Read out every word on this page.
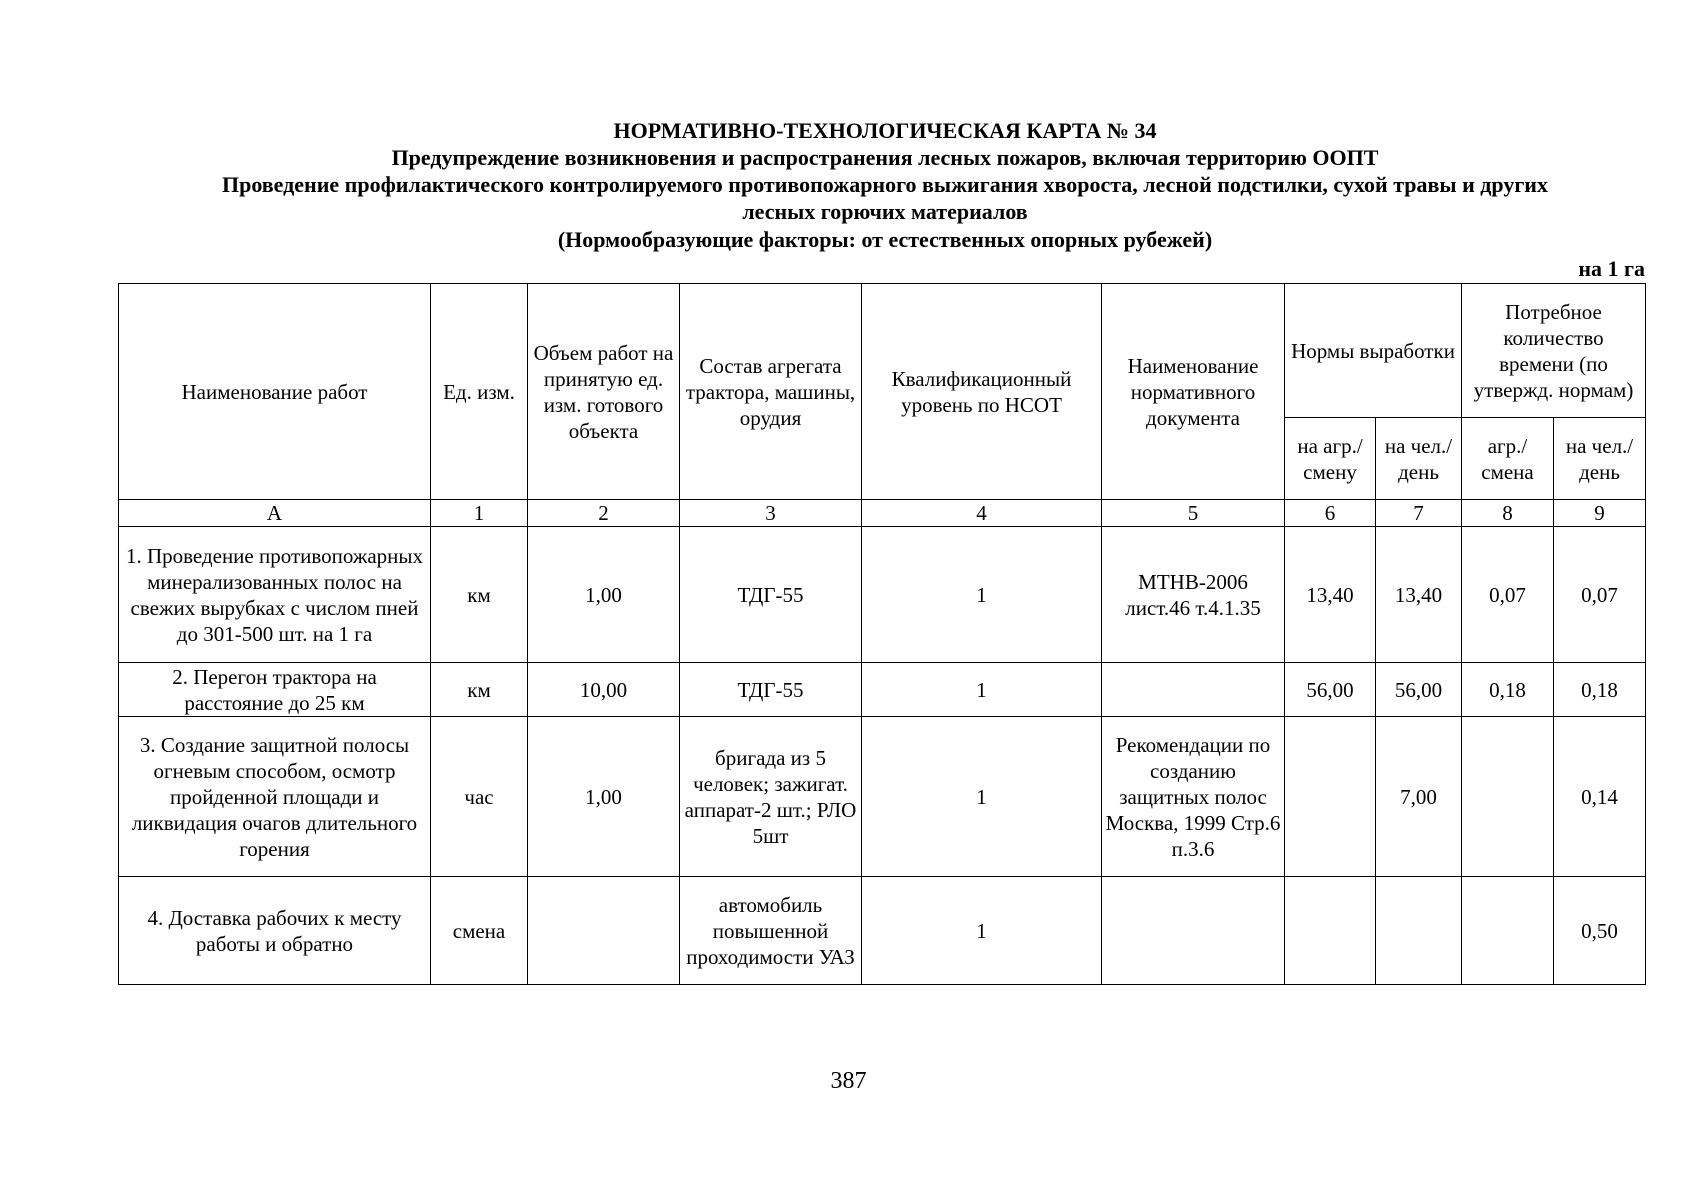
НОРМАТИВНО-ТЕХНОЛОГИЧЕСКАЯ КАРТА № 34
Предупреждение возникновения и распространения лесных пожаров, включая территорию ООПТ
Проведение профилактического контролируемого противопожарного выжигания хвороста, лесной подстилки, сухой травы и других
лесных горючих материалов
(Нормообразующие факторы: от естественных опорных рубежей)
на 1 га
Наименование работ	Ед. изм.	Объем работ на принятую ед. изм. готового объекта	Состав агрегата трактора, машины, орудия	Квалификационный уровень по НСОТ	Наименование нормативного документа	Нормы выработки		Потребное количество времени (по утвержд. нормам)	
						на агр./ смену	на чел./ день	агр./ смена	на чел./ день
А	1	2	3	4	5	6	7	8	9
1. Проведение противопожарных минерализованных полос на свежих вырубках с числом пней до 301-500 шт. на 1 га	км	1,00	ТДГ-55	1	МТНВ-2006 лист.46 т.4.1.35	13,40	13,40	0,07	0,07
2. Перегон трактора на расстояние до 25 км	км	10,00	ТДГ-55	1		56,00	56,00	0,18	0,18
3. Создание защитной полосы огневым способом, осмотр пройденной площади и ликвидация очагов длительного горения	час	1,00	бригада из 5 человек; зажигат. аппарат-2 шт.; РЛО 5шт	1	Рекомендации по созданию защитных полос Москва, 1999 Стр.6 п.3.6		7,00		0,14
4. Доставка рабочих к месту работы и обратно	смена		автомобиль повышенной проходимости УАЗ	1					0,50
387
